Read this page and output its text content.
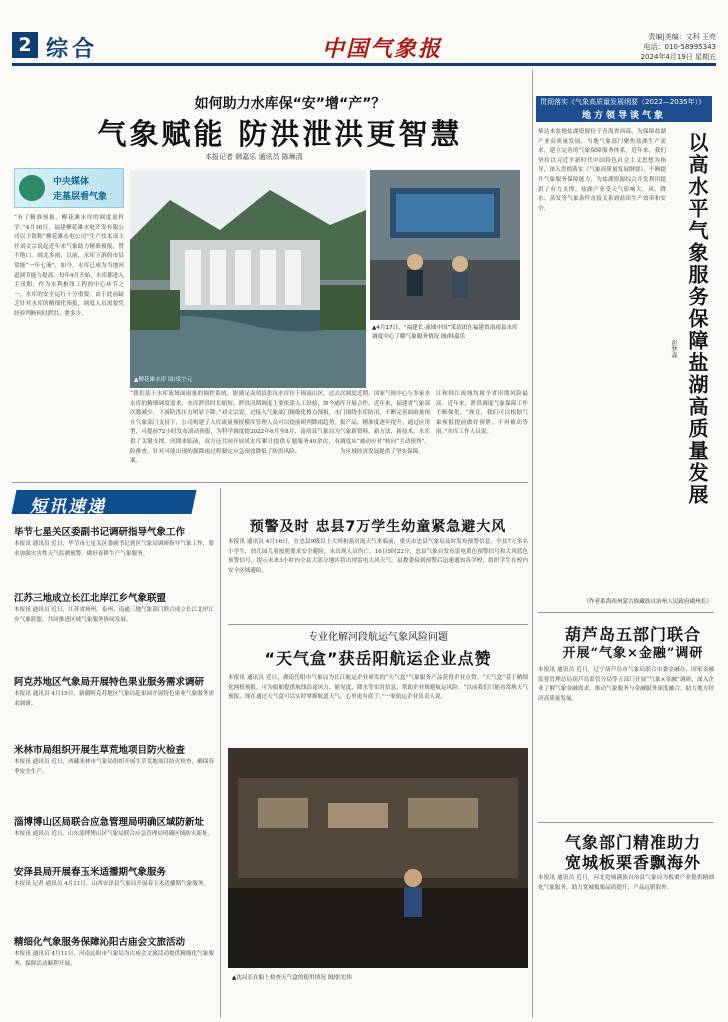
2 综合	中国气象报	责编|美编：文科 王亮
电话：010-58995343
2024年4月19日 星期五
如何助力水库保“安”增“产”？
气象赋能 防洪泄洪更智慧
本报记者 韩嘉乐 通讯员 陈琳清
中央媒体
走基层看气象
“有了精准预报，柳花滩水库的调度更科学。”4月16日，福建柳花滩水电开发有限公司以下简称“柳花滩水电公司”生产技术部主任刘文宗说起近年来气象助力精准预报，赞不绝口。闽北多雨，以前，水库下游的市县常能“一年七淹”，如今，水库已成为当地河道调节能力提高。每年4月开始，水库都进入主汛期，作为水利枢纽工程的中心环节之一，水库的安全运行十分重要。由于此前缺乏针对水库的精细化预报，调度人员需要凭经验判断何时泄洪、泄多少。
“我们基于水库流域面雨量的调控系统，能满足水库的精细调度需求，水库泄洪时长缩短、泄洪次数减少，下游防洪压力明显下降。”刘文宗说。在气象部门支持下，公司构建了入库流量预报模型，可提前72小时发布滚动预报，为科学调度提供了关键支撑。汛期来临前，双方还共同开展风险排查，针对可能出现的强降雨过程制定应急预案。
南靖县张坑水库位于闽南山区，过去汛期调度主要依靠人工经验，如今通过接入气象部门精细化格点预报，水库管理人员可以提前研判降雨趋势。2022年6月至8月，南靖县气象局为水库累计提供专题服务40余次，有效降低了防洪风险。
次调度近期，国家气候中心与多家水库开展合作，近年来，福建省气象部门围绕水库防汛，不断完善面雨量预报产品，精准度逐年提升。通过应用气象新资料，新方法，新技术，水库调度从“被动应对”转向“主动预判”，为区域经济发展提供了坚实保障。
江和韩江流域均属全省汛期风险最高、近年来，泄洪调度气象保障工作不断强化。“现在，我们可以根据气象预报提前做好预泄，不再被动等雨。”水库工作人员说。
▲柳花滩水库 图/梁宇元
▲4月17日，“福建长·流域中国”采访团在福建省南靖县水库调度中心了解气象服务情况 图/韩嘉乐
短讯速递
毕节七星关区委副书记调研指导气象工作
本报讯 通讯员 近日，毕节市七星关区委副书记到区气象局调研指导气象工作，要求加强灾害性天气监测预警，做好春耕生产气象服务。
江苏三地成立长江北岸江乡气象联盟
本报讯 通讯员 近日，江苏省扬州、泰州、南通三地气象部门联合成立长江北岸江乡气象联盟，共同推进区域气象服务协同发展。
阿克苏地区气象局开展特色果业服务需求调研
本报讯 通讯员 4月15日，新疆阿克苏地区气象局赴果园开展特色果业气象服务需求调研。
米林市局组织开展生草荒地项目防火检查
本报讯 通讯员 近日，西藏米林市气象局组织开展生草荒地项目防火检查，确保春季安全生产。
淄博博山区局联合应急管理局明确区域防新址
本报讯 通讯员 近日，山东淄博博山区气象局联合应急管理局明确区域防灾新址。
安泽县局开展春玉米适播期气象服务
本报讯 记者 通讯员 4月11日，山西安泽县气象局开展春玉米适播期气象服务。
精细化气象服务保障沁阳古庙会文旅活动
本报讯 通讯员 4月11日，河南沁阳市气象局为古庙会文旅活动提供精细化气象服务，保障活动顺利开展。
预警及时 忠县7万学生幼童紧急避大风
本报讯 通讯员 4月16日，在忠县9级以上大风和强对流天气来临前，重庆市忠县气象局及时发布预警信息，全县7万多名小学生、幼儿园儿童按照要求安全避险，未出现人员伤亡。16日5时22分，忠县气象台发布雷电黄色预警信号和大风蓝色预警信号，提示未来3小时内全县大部分地区将出现雷电大风天气。县教委接到预警后迅速通知各学校，组织学生在校内安全区域避险。
专业化解河段航运气象风险问题
“天气盒”获岳阳航运企业点赞
本报讯 通讯员 近日，湖南岳阳市气象局为长江航运企业研发的“天气盒”气象服务产品获得企业点赞。“天气盒”基于精细化网格预报，可为船舶提供航线沿途风力、能见度、降水等实时信息，帮助企业规避航运风险。“以前我们只能看常规天气预报，现在通过天气盒可以实时掌握航道天气，心里更有底了。”一家航运企业负责人说。
▲沈局长在船上检查天气盒的使用情况 图/张宏伟
贯彻落实《气象高质量发展纲要（2022—2035年）》
地方领导谈气象
以高水平气象服务保障盐湖高质量发展
彭梦森
柴达木盆地盐湖资源位于青海省西部，为保障盐湖产业高质量发展，当地气象部门聚焦盐湖生产需求，建立完善的气象保障服务体系。近年来，我们坚持以习近平新时代中国特色社会主义思想为指导，深入贯彻落实《气象高质量发展纲要》，不断提升气象服务保障能力，为盐湖资源综合开发利用提供了有力支撑。盐湖产业受天气影响大，风、降水、蒸发等气象条件直接关系到盐田生产效率和安全。
（作者系海西州蒙古族藏族自治州人民政府副州长）
葫芦岛五部门联合
开展“气象×金融”调研
本报讯 通讯员 近日，辽宁葫芦岛市气象局联合市委金融办、国家金融监督管理总局葫芦岛监管分局等五部门开展“气象×金融”调研，深入企业了解气象金融需求，推动气象服务与金融服务深度融合，助力地方经济高质量发展。
气象部门精准助力
宽城板栗香飘海外
本报讯 通讯员 近日，河北宽城满族自治县气象局为板栗产业提供精细化气象服务，助力宽城板栗品质提升，产品远销海外。
